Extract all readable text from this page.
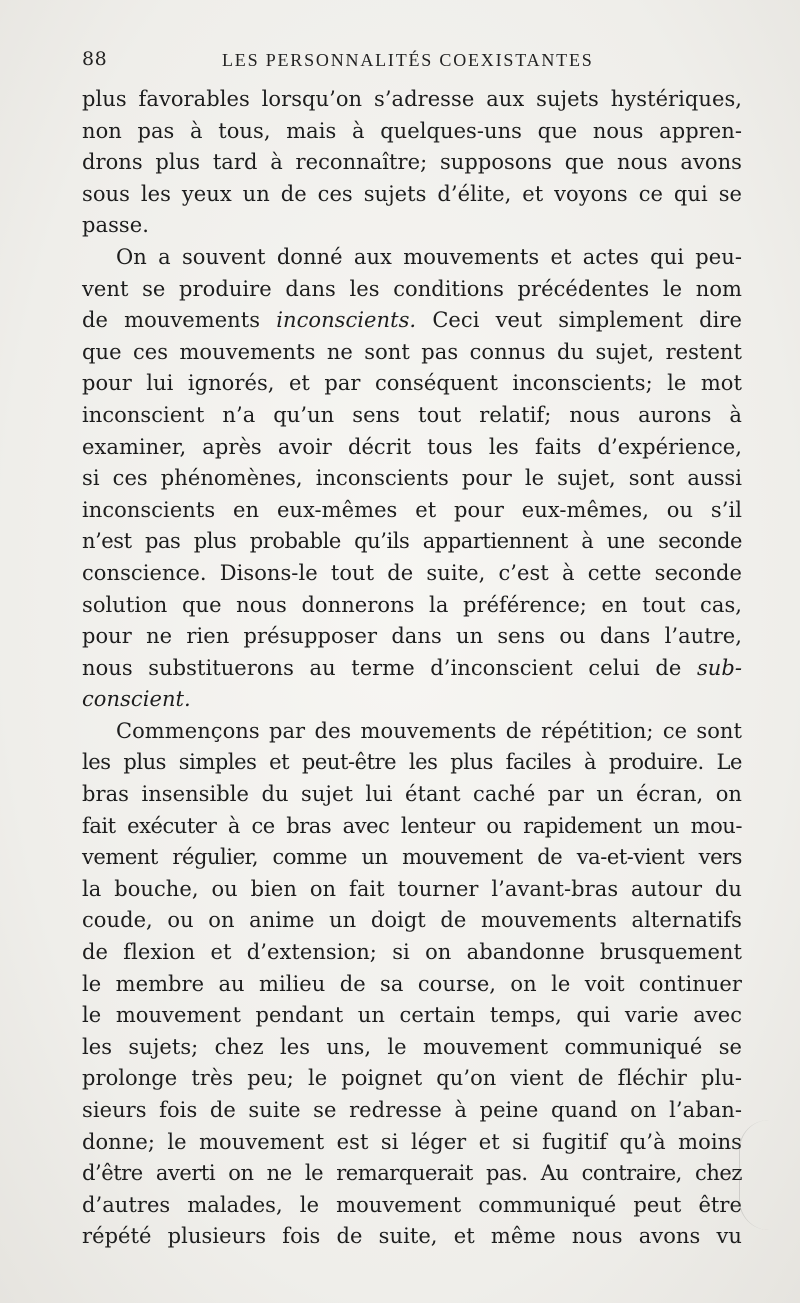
88	LES PERSONNALITÉS COEXISTANTES
plus favorables lorsqu’on s’adresse aux sujets hystériques,
non pas à tous, mais à quelques-uns que nous appren-
drons plus tard à reconnaître; supposons que nous avons
sous les yeux un de ces sujets d’élite, et voyons ce qui se
passe.
On a souvent donné aux mouvements et actes qui peu-
vent se produire dans les conditions précédentes le nom
de mouvements inconscients. Ceci veut simplement dire
que ces mouvements ne sont pas connus du sujet, restent
pour lui ignorés, et par conséquent inconscients; le mot
inconscient n’a qu’un sens tout relatif; nous aurons à
examiner, après avoir décrit tous les faits d’expérience,
si ces phénomènes, inconscients pour le sujet, sont aussi
inconscients en eux-mêmes et pour eux-mêmes, ou s’il
n’est pas plus probable qu’ils appartiennent à une seconde
conscience. Disons-le tout de suite, c’est à cette seconde
solution que nous donnerons la préférence; en tout cas,
pour ne rien présupposer dans un sens ou dans l’autre,
nous substituerons au terme d’inconscient celui de sub-
conscient.
Commençons par des mouvements de répétition; ce sont
les plus simples et peut-être les plus faciles à produire. Le
bras insensible du sujet lui étant caché par un écran, on
fait exécuter à ce bras avec lenteur ou rapidement un mou-
vement régulier, comme un mouvement de va-et-vient vers
la bouche, ou bien on fait tourner l’avant-bras autour du
coude, ou on anime un doigt de mouvements alternatifs
de flexion et d’extension; si on abandonne brusquement
le membre au milieu de sa course, on le voit continuer
le mouvement pendant un certain temps, qui varie avec
les sujets; chez les uns, le mouvement communiqué se
prolonge très peu; le poignet qu’on vient de fléchir plu-
sieurs fois de suite se redresse à peine quand on l’aban-
donne; le mouvement est si léger et si fugitif qu’à moins
d’être averti on ne le remarquerait pas. Au contraire, chez
d’autres malades, le mouvement communiqué peut être
répété plusieurs fois de suite, et même nous avons vu
